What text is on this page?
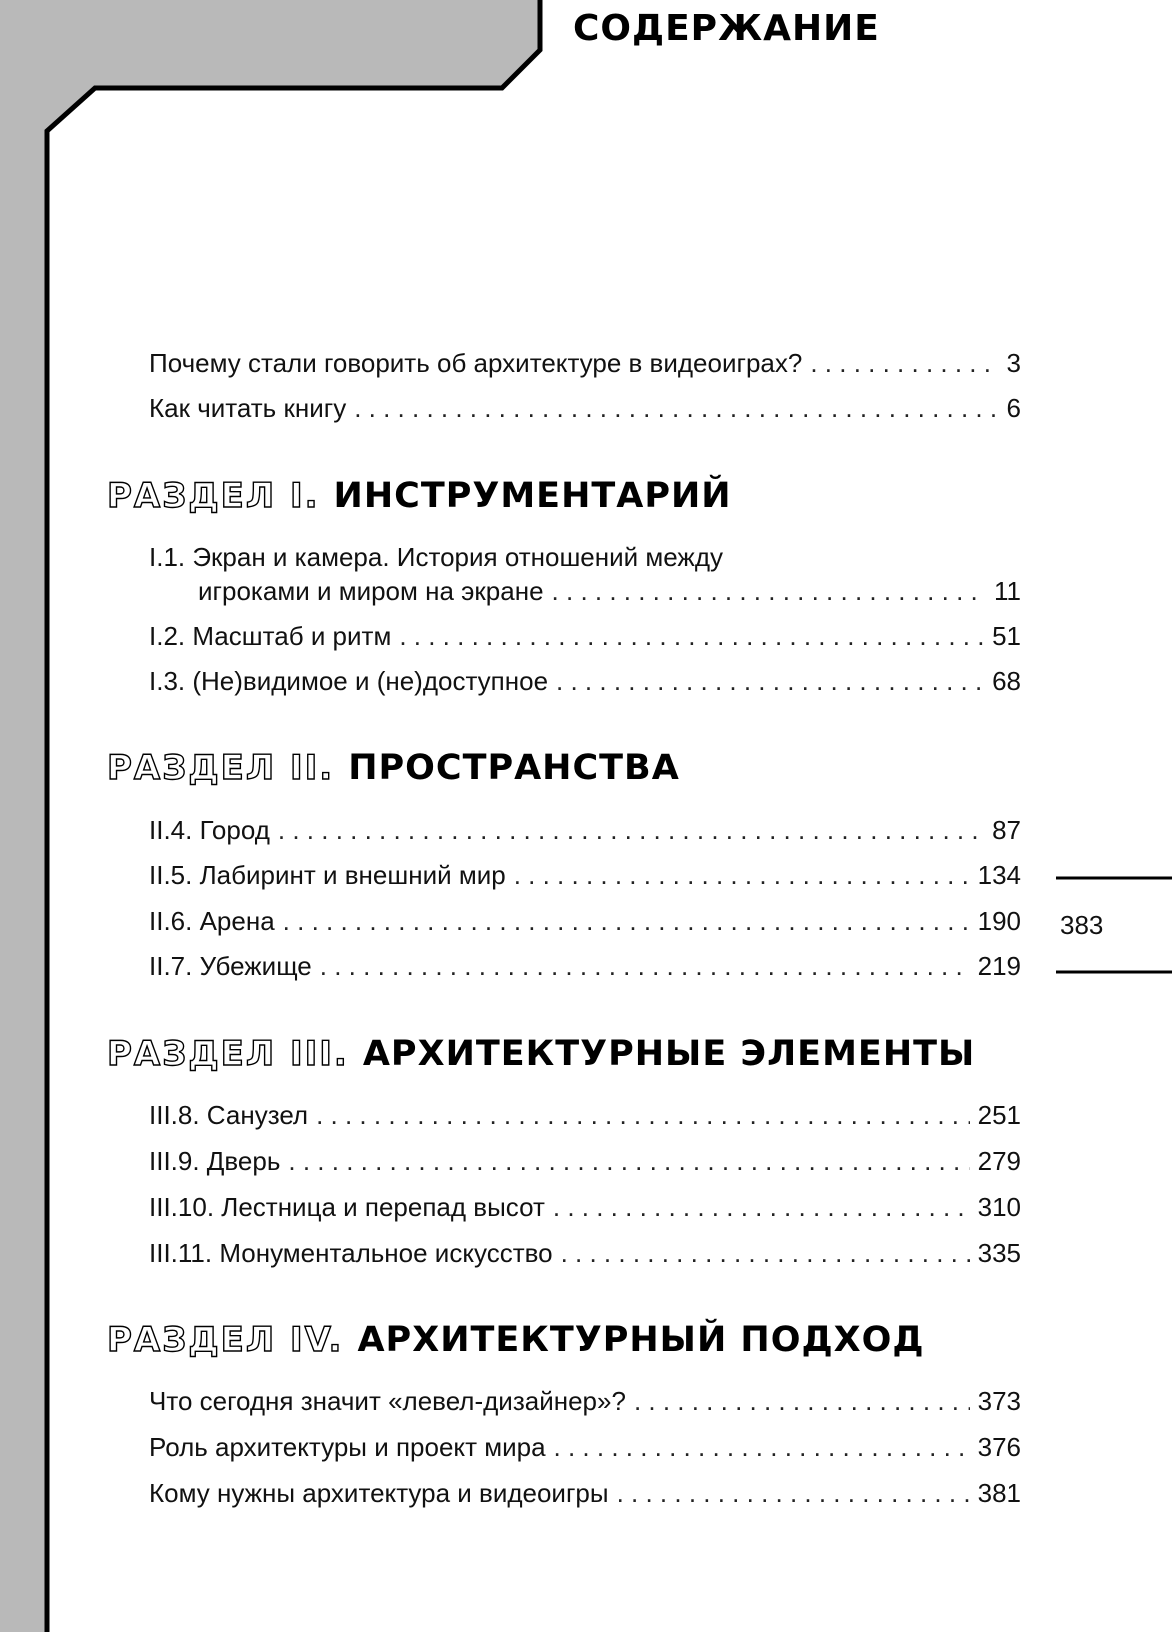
СОДЕРЖАНИЕ
Почему стали говорить об архитектуре в видеоиграх? . . .	3
Как читать книгу . . .	6
РАЗДЕЛ I. ИНСТРУМЕНТАРИЙ
I.1. Экран и камера. История отношений между
игроками и миром на экране . . .	11
I.2. Масштаб и ритм . . .	51
I.3. (Не)видимое и (не)доступное . . .	68
РАЗДЕЛ II. ПРОСТРАНСТВА
II.4. Город . . .	87
II.5. Лабиринт и внешний мир . . .	134
II.6. Арена . . .	190
II.7. Убежище . . .	219
РАЗДЕЛ III. АРХИТЕКТУРНЫЕ ЭЛЕМЕНТЫ
III.8. Санузел . . .	251
III.9. Дверь . . .	279
III.10. Лестница и перепад высот . . .	310
III.11. Монументальное искусство . . .	335
РАЗДЕЛ IV. АРХИТЕКТУРНЫЙ ПОДХОД
Что сегодня значит «левел-дизайнер»? . . .	373
Роль архитектуры и проект мира . . .	376
Кому нужны архитектура и видеоигры . . .	381
383
